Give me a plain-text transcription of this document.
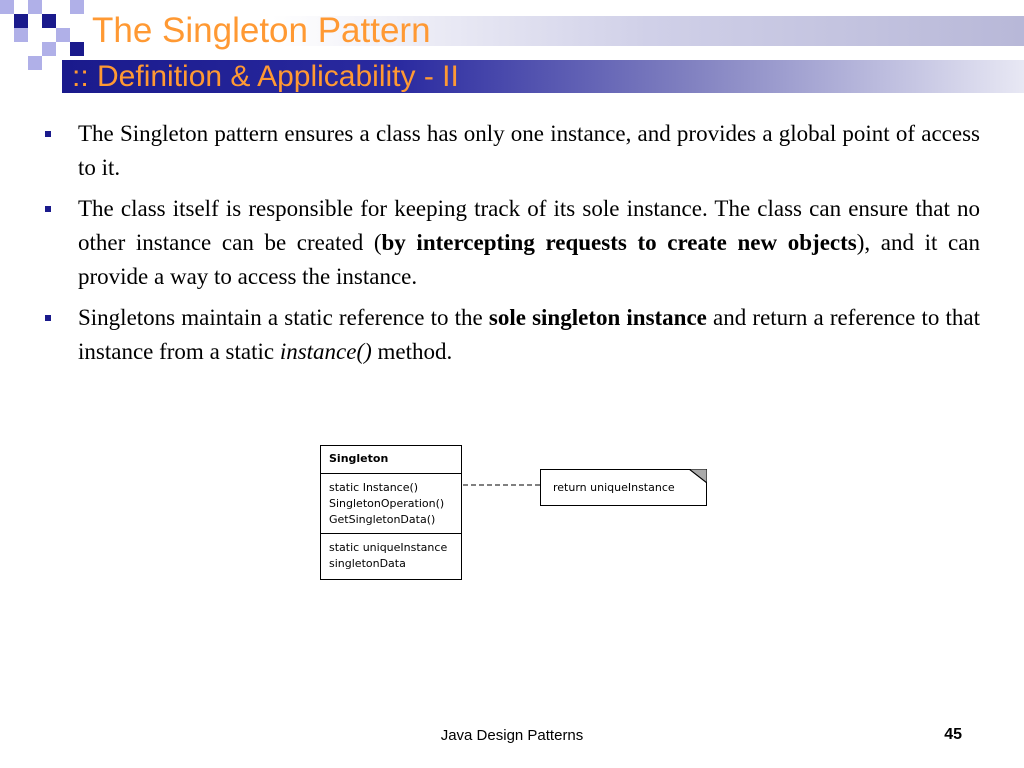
The Singleton Pattern
:: Definition & Applicability - II
The Singleton pattern ensures a class has only one instance, and provides a global point of access to it.
The class itself is responsible for keeping track of its sole instance. The class can ensure that no other instance can be created (by intercepting requests to create new objects), and it can provide a way to access the instance.
Singletons maintain a static reference to the sole singleton instance and return a reference to that instance from a static instance() method.
Singleton
static Instance()
SingletonOperation()
GetSingletonData()
static uniqueInstance
singletonData
return uniqueInstance
Java Design Patterns	45
